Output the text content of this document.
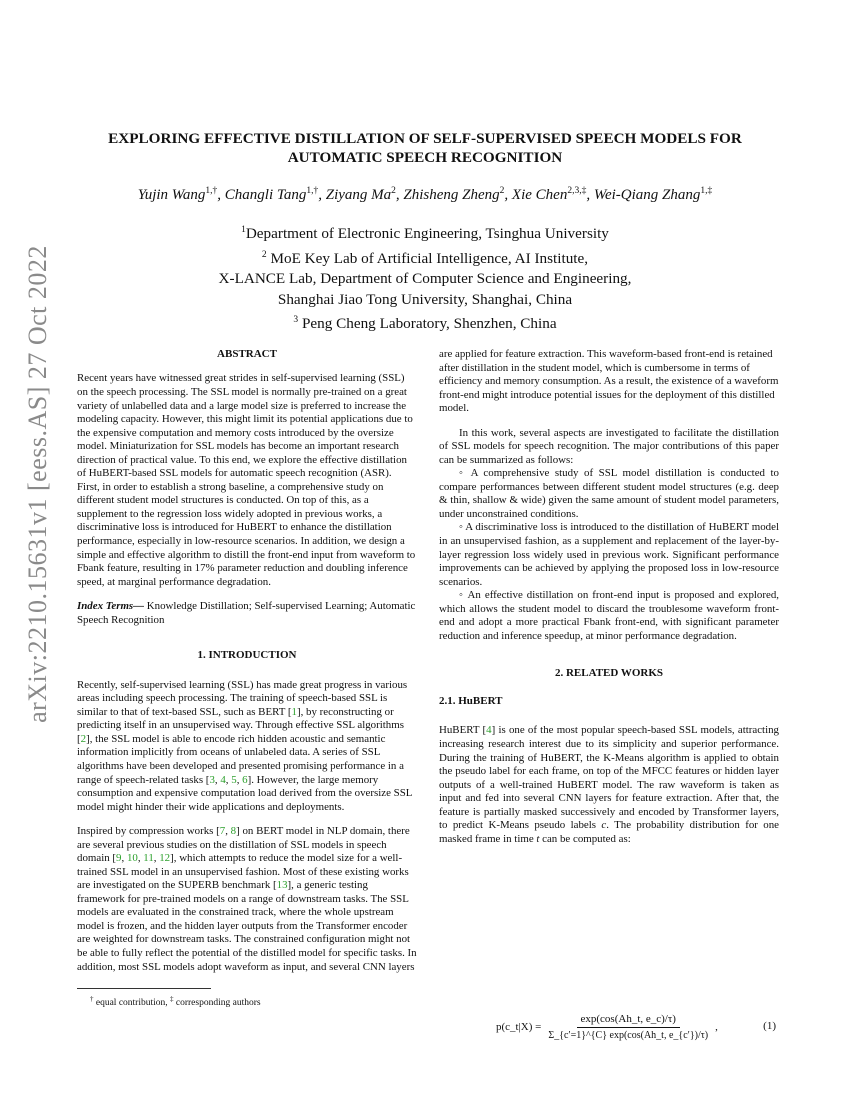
arXiv:2210.15631v1 [eess.AS] 27 Oct 2022
EXPLORING EFFECTIVE DISTILLATION OF SELF-SUPERVISED SPEECH MODELS FOR
AUTOMATIC SPEECH RECOGNITION
Yujin Wang$^{1,\dagger}$, Changli Tang$^{1,\dagger}$, Ziyang Ma$^2$, Zhisheng Zheng$^2$, Xie Chen$^{2,3,\ddagger}$, Wei-Qiang Zhang$^{1,\ddagger}$
$^1$Department of Electronic Engineering, Tsinghua University
$^2$ MoE Key Lab of Artificial Intelligence, AI Institute,
X-LANCE Lab, Department of Computer Science and Engineering,
Shanghai Jiao Tong University, Shanghai, China
$^3$ Peng Cheng Laboratory, Shenzhen, China
† equal contribution, ‡ corresponding authors
p(c_t|X) = $\frac{\exp(\cos(Ah\_t, e\_c)/\tau)}{\Sigma\_\{c'=1\}\^{}\{C\} \exp(\cos(Ah\_t, e\_\{c'\})/\tau)}$ ,	(1)
ABSTRACT

Recent years have witnessed great strides in self-supervised learning (SSL) on the speech processing. The SSL model is normally pre-trained on a great variety of unlabelled data and a large model size is preferred to increase the modeling capacity. However, this might limit its potential applications due to the expensive computation and memory costs introduced by the oversize model. Miniaturization for SSL models has become an important research direction of practical value. To this end, we explore the effective distillation of HuBERT-based SSL models for automatic speech recognition (ASR). First, in order to establish a strong baseline, a comprehensive study on different student model structures is conducted. On top of this, as a supplement to the regression loss widely adopted in previous works, a discriminative loss is introduced for HuBERT to enhance the distillation performance, especially in low-resource scenarios. In addition, we design a simple and effective algorithm to distill the front-end input from waveform to Fbank feature, resulting in 17% parameter reduction and doubling inference speed, at marginal performance degradation.

Index Terms— Knowledge Distillation; Self-supervised Learning; Automatic Speech Recognition

1. INTRODUCTION

Recently, self-supervised learning (SSL) has made great progress in various areas including speech processing. The training of speech-based SSL is similar to that of text-based SSL, such as BERT [1], by reconstructing or predicting itself in an unsupervised way. Through effective SSL algorithms [2], the SSL model is able to encode rich hidden acoustic and semantic information implicitly from oceans of unlabeled data. A series of SSL algorithms have been developed and presented promising performance in a range of speech-related tasks [3, 4, 5, 6]. However, the large memory consumption and expensive computation load derived from the oversize SSL model might hinder their wide applications and deployments.

Inspired by compression works [7, 8] on BERT model in NLP domain, there are several previous studies on the distillation of SSL models in speech domain [9, 10, 11, 12], which attempts to reduce the model size for a well-trained SSL model in an unsupervised fashion. Most of these existing works are investigated on the SUPERB benchmark [13], a generic testing framework for pre-trained models on a range of downstream tasks. The SSL models are evaluated in the constrained track, where the whole upstream model is frozen, and the hidden layer outputs from the Transformer encoder are weighted for downstream tasks. The constrained configuration might not be able to fully reflect the potential of the distilled model for specific tasks. In addition, most SSL models adopt waveform as input, and several CNN layers are applied for feature extraction. This waveform-based front-end is retained after distillation in the student model, which is cumbersome in terms of efficiency and memory consumption. As a result, the existence of a waveform front-end might introduce potential issues for the deployment of this distilled model.

In this work, several aspects are investigated to facilitate the distillation of SSL models for speech recognition. The major contributions of this paper can be summarized as follows:

◦ A comprehensive study of SSL model distillation is conducted to compare performances between different student model structures (e.g. deep & thin, shallow & wide) given the same amount of student model parameters, under unconstrained conditions.

◦ A discriminative loss is introduced to the distillation of HuBERT model in an unsupervised fashion, as a supplement and replacement of the layer-by-layer regression loss widely used in previous work. Significant performance improvements can be achieved by applying the proposed loss in low-resource scenarios.

◦ An effective distillation on front-end input is proposed and explored, which allows the student model to discard the troublesome waveform front-end and adopt a more practical Fbank front-end, with significant parameter reduction and inference speedup, at minor performance degradation.

2. RELATED WORKS
2.1. HuBERT

HuBERT [4] is one of the most popular speech-based SSL models, attracting increasing research interest due to its simplicity and superior performance. During the training of HuBERT, the K-Means algorithm is applied to obtain the pseudo label for each frame, on top of the MFCC features or hidden layer outputs of a well-trained HuBERT model. The raw waveform is taken as input and fed into several CNN layers for feature extraction. After that, the feature is partially masked successively and encoded by Transformer layers, to predict K-Means pseudo labels c. The probability distribution for one masked frame in time t can be computed as:
